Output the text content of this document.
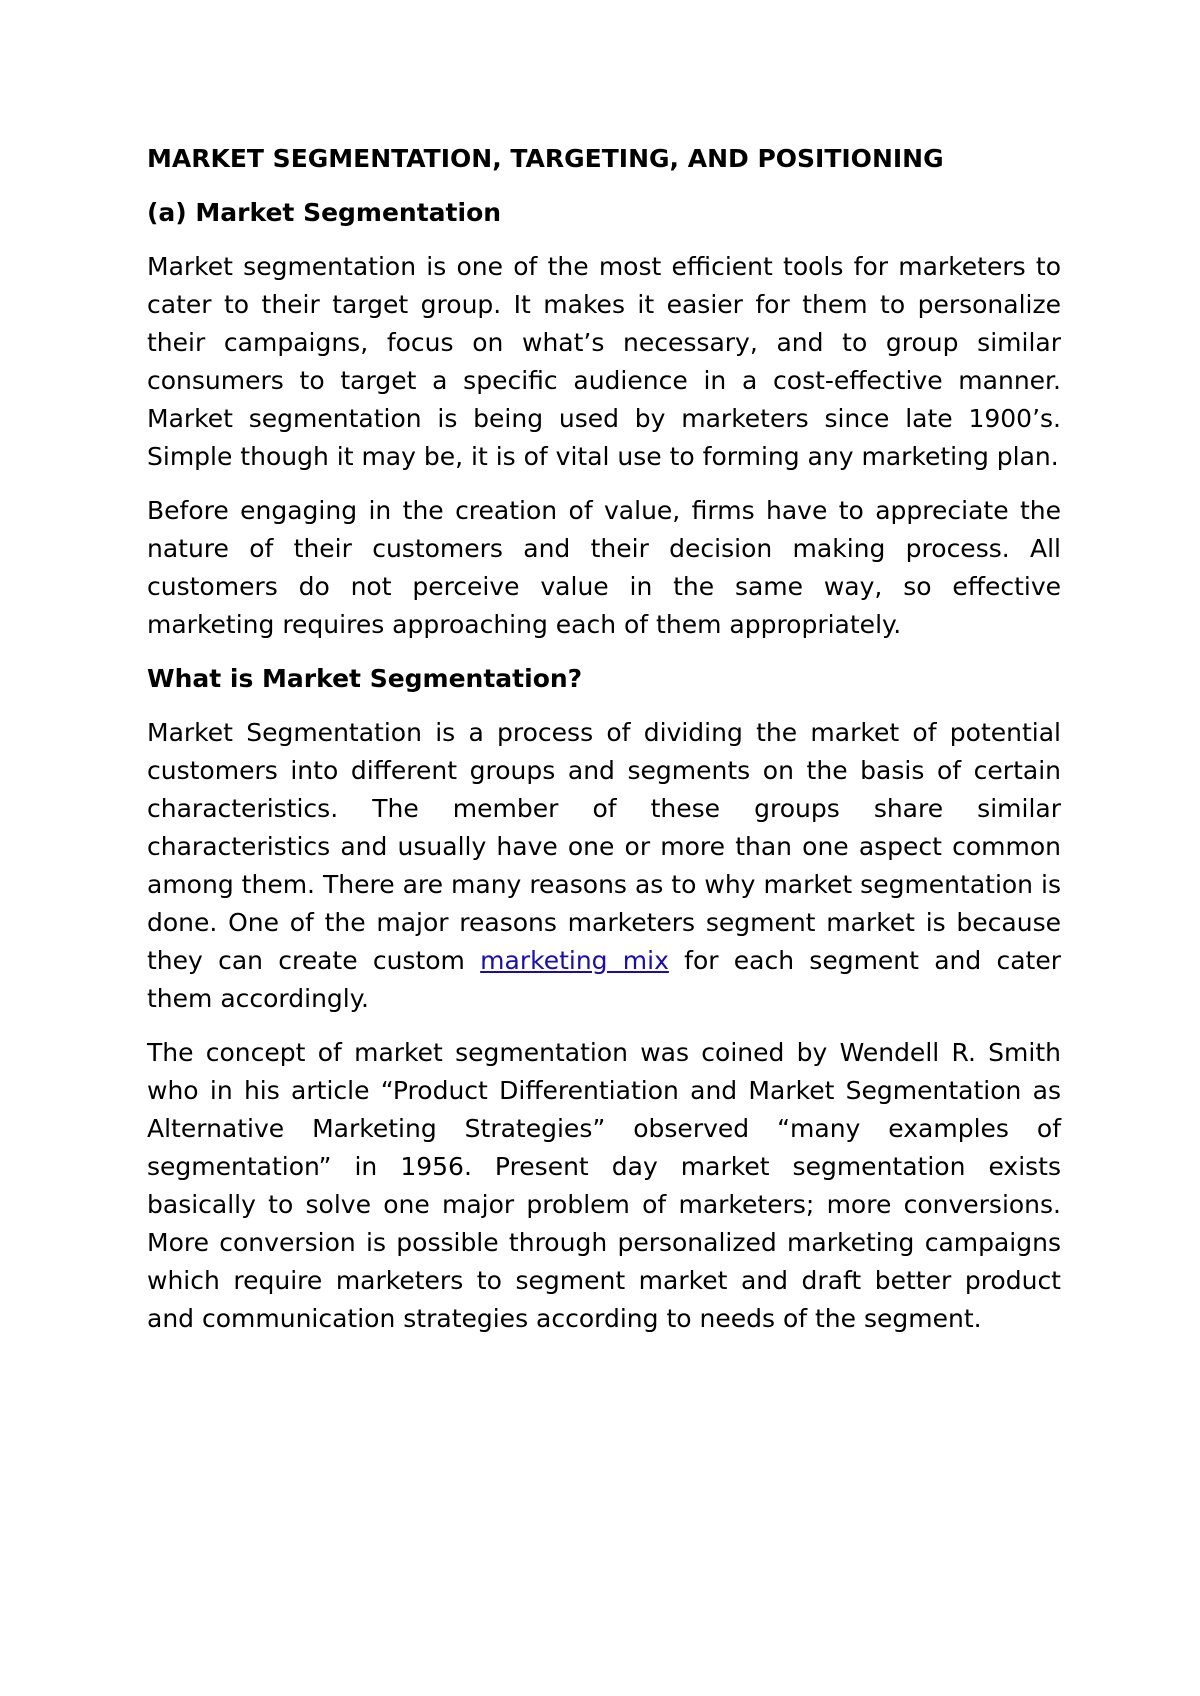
MARKET SEGMENTATION, TARGETING, AND POSITIONING
(a) Market Segmentation

Market segmentation is one of the most efficient tools for marketers to cater to their target group. It makes it easier for them to personalize their campaigns, focus on what’s necessary, and to group similar consumers to target a specific audience in a cost-effective manner. Market segmentation is being used by marketers since late 1900’s. Simple though it may be, it is of vital use to forming any marketing plan.

Before engaging in the creation of value, firms have to appreciate the nature of their customers and their decision making process. All customers do not perceive value in the same way, so effective marketing requires approaching each of them appropriately.

What is Market Segmentation?

Market Segmentation is a process of dividing the market of potential customers into different groups and segments on the basis of certain characteristics. The member of these groups share similar characteristics and usually have one or more than one aspect common among them. There are many reasons as to why market segmentation is done. One of the major reasons marketers segment market is because they can create custom marketing mix for each segment and cater them accordingly.

The concept of market segmentation was coined by Wendell R. Smith who in his article “Product Differentiation and Market Segmentation as Alternative Marketing Strategies” observed “many examples of segmentation” in 1956. Present day market segmentation exists basically to solve one major problem of marketers; more conversions. More conversion is possible through personalized marketing campaigns which require marketers to segment market and draft better product and communication strategies according to needs of the segment.
